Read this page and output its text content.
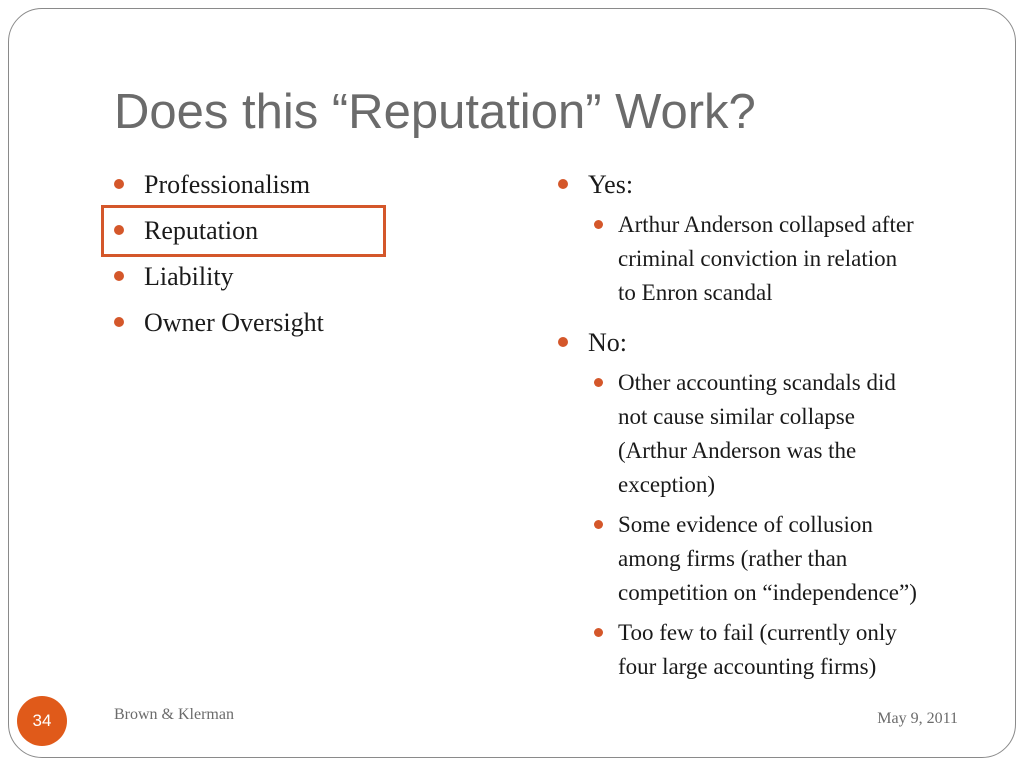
Does this “Reputation” Work?
Professionalism
Reputation
Liability
Owner Oversight
Yes:
Arthur Anderson collapsed after criminal conviction in relation to Enron scandal
No:
Other accounting scandals did not cause similar collapse (Arthur Anderson was the exception)
Some evidence of collusion among firms (rather than competition on “independence”)
Too few to fail (currently only four large accounting firms)
34	Brown & Klerman	May 9, 2011
